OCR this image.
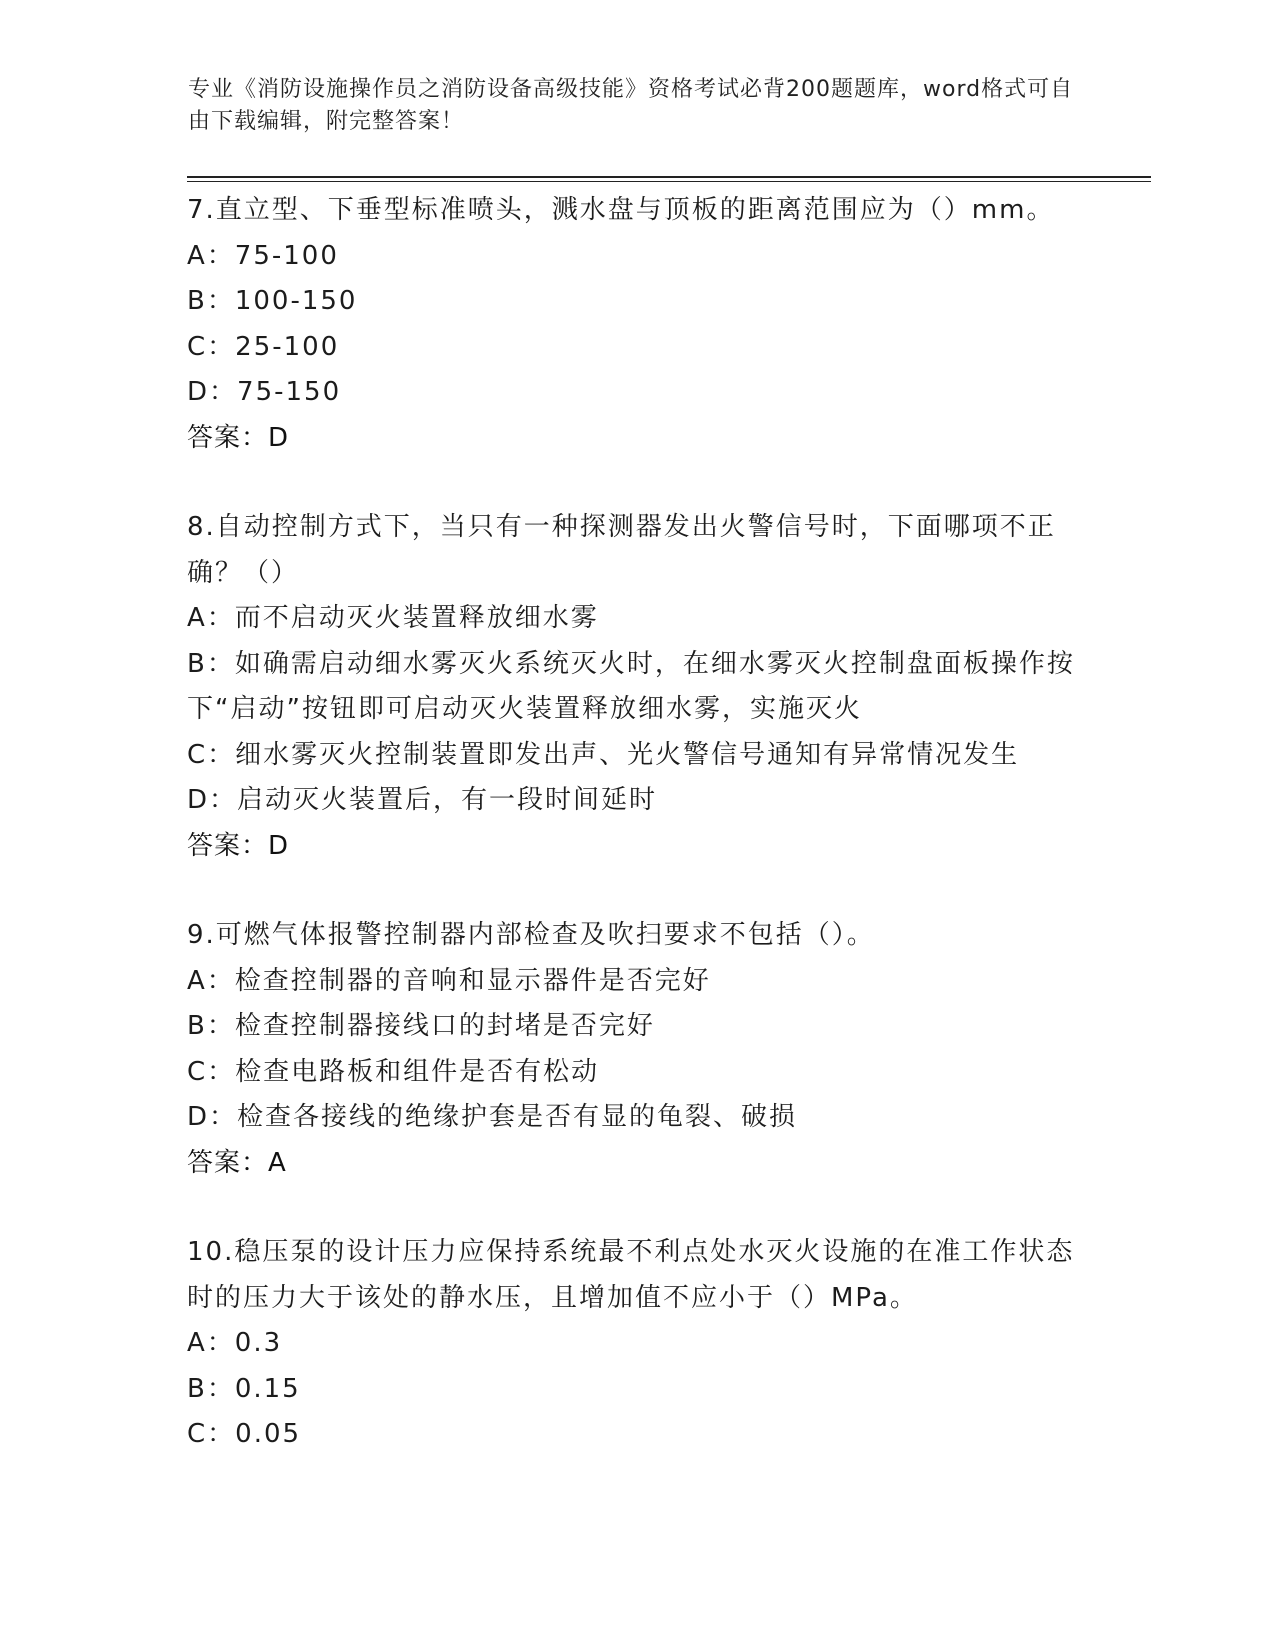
专业《消防设施操作员之消防设备高级技能》资格考试必背200题题库，word格式可自由下载编辑，附完整答案！
7.直立型、下垂型标准喷头，溅水盘与顶板的距离范围应为（）mm。
A：75-100
B：100-150
C：25-100
D：75-150
答案：D
8.自动控制方式下，当只有一种探测器发出火警信号时，下面哪项不正确？（）
A：而不启动灭火装置释放细水雾
B：如确需启动细水雾灭火系统灭火时，在细水雾灭火控制盘面板操作按下“启动”按钮即可启动灭火装置释放细水雾，实施灭火
C：细水雾灭火控制装置即发出声、光火警信号通知有异常情况发生
D：启动灭火装置后，有一段时间延时
答案：D
9.可燃气体报警控制器内部检查及吹扫要求不包括（）。
A：检查控制器的音响和显示器件是否完好
B：检查控制器接线口的封堵是否完好
C：检查电路板和组件是否有松动
D：检查各接线的绝缘护套是否有显的龟裂、破损
答案：A
10.稳压泵的设计压力应保持系统最不利点处水灭火设施的在准工作状态时的压力大于该处的静水压，且增加值不应小于（）MPa。
A：0.3
B：0.15
C：0.05
